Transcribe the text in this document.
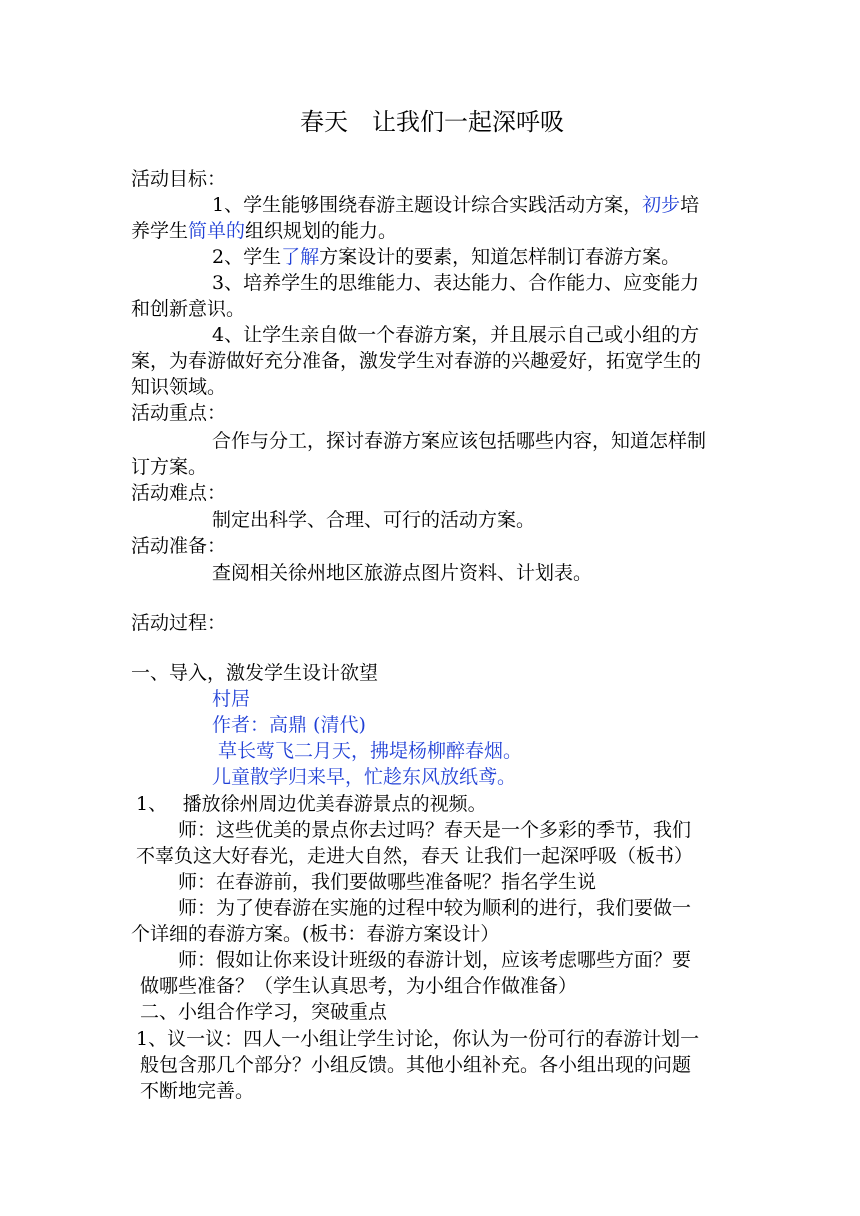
春天　让我们一起深呼吸
活动目标：
1、学生能够围绕春游主题设计综合实践活动方案，初步培
养学生简单的组织规划的能力。
2、学生了解方案设计的要素，知道怎样制订春游方案。
3、培养学生的思维能力、表达能力、合作能力、应变能力
和创新意识。
4、让学生亲自做一个春游方案，并且展示自己或小组的方
案，为春游做好充分准备，激发学生对春游的兴趣爱好，拓宽学生的
知识领域。
活动重点：
合作与分工，探讨春游方案应该包括哪些内容，知道怎样制
订方案。
活动难点：
制定出科学、合理、可行的活动方案。
活动准备：
查阅相关徐州地区旅游点图片资料、计划表。
活动过程：
一、导入，激发学生设计欲望
村居
作者：高鼎 (清代)
草长莺飞二月天，拂堤杨柳醉春烟。
儿童散学归来早，忙趁东风放纸鸢。
1、　 播放徐州周边优美春游景点的视频。
师：这些优美的景点你去过吗？春天是一个多彩的季节，我们
不辜负这大好春光，走进大自然，春天 让我们一起深呼吸（板书）
师：在春游前，我们要做哪些准备呢？指名学生说
师：为了使春游在实施的过程中较为顺利的进行，我们要做一
个详细的春游方案。(板书：春游方案设计）
师：假如让你来设计班级的春游计划，应该考虑哪些方面？要
做哪些准备？（学生认真思考，为小组合作做准备）
二、小组合作学习，突破重点
1、议一议：四人一小组让学生讨论，你认为一份可行的春游计划一
般包含那几个部分？小组反馈。其他小组补充。各小组出现的问题
不断地完善。
